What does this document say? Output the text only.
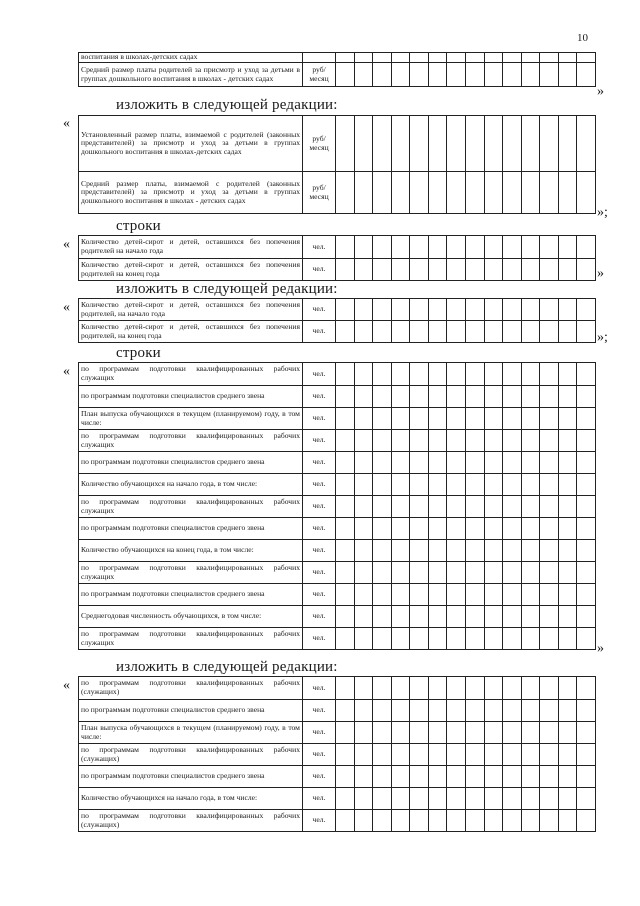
10
воспитания в школах-детских садах															
Средний размер платы родителей за присмотр и уход за детьми в группах дошкольного воспитания в школах - детских садах	руб/ месяц														
»
изложить в следующей редакции:
«
Установленный размер платы, взимаемой с родителей (законных представителей) за присмотр и уход за детьми в группах дошкольного воспитания в школах-детских садах	руб/ месяц														
Средний размер платы, взимаемой с родителей (законных представителей) за присмотр и уход за детьми в группах дошкольного воспитания в школах - детских садах	руб/ месяц														
»;
строки
« Количество детей-сирот и детей, оставшихся без попечения родителей на начало года	чел.														
Количество детей-сирот и детей, оставшихся без попечения родителей на конец года	чел.															»
изложить в следующей редакции:
« Количество детей-сирот и детей, оставшихся без попечения родителей, на начало года	чел.														
Количество детей-сирот и детей, оставшихся без попечения родителей, на конец года	чел.															»;
строки
« по программам подготовки квалифицированных рабочих служащих	чел.														
по программам подготовки специалистов среднего звена	чел.														
План выпуска обучающихся в текущем (планируемом) году, в том числе:	чел.														
по программам подготовки квалифицированных рабочих служащих	чел.														
по программам подготовки специалистов среднего звена	чел.														
Количество обучающихся на начало года, в том числе:	чел.														
по программам подготовки квалифицированных рабочих служащих	чел.														
по программам подготовки специалистов среднего звена	чел.														
Количество обучающихся на конец года, в том числе:	чел.														
по программам подготовки квалифицированных рабочих служащих	чел.														
по программам подготовки специалистов среднего звена	чел.														
Среднегодовая численность обучающихся, в том числе:	чел.														
по программам подготовки квалифицированных рабочих служащих	чел.														
»
изложить в следующей редакции:
« по программам подготовки квалифицированных рабочих (служащих)	чел.														
по программам подготовки специалистов среднего звена	чел.														
План выпуска обучающихся в текущем (планируемом) году, в том числе:	чел.														
по программам подготовки квалифицированных рабочих (служащих)	чел.														
по программам подготовки специалистов среднего звена	чел.														
Количество обучающихся на начало года, в том числе:	чел.														
по программам подготовки квалифицированных рабочих (служащих)	чел.														
